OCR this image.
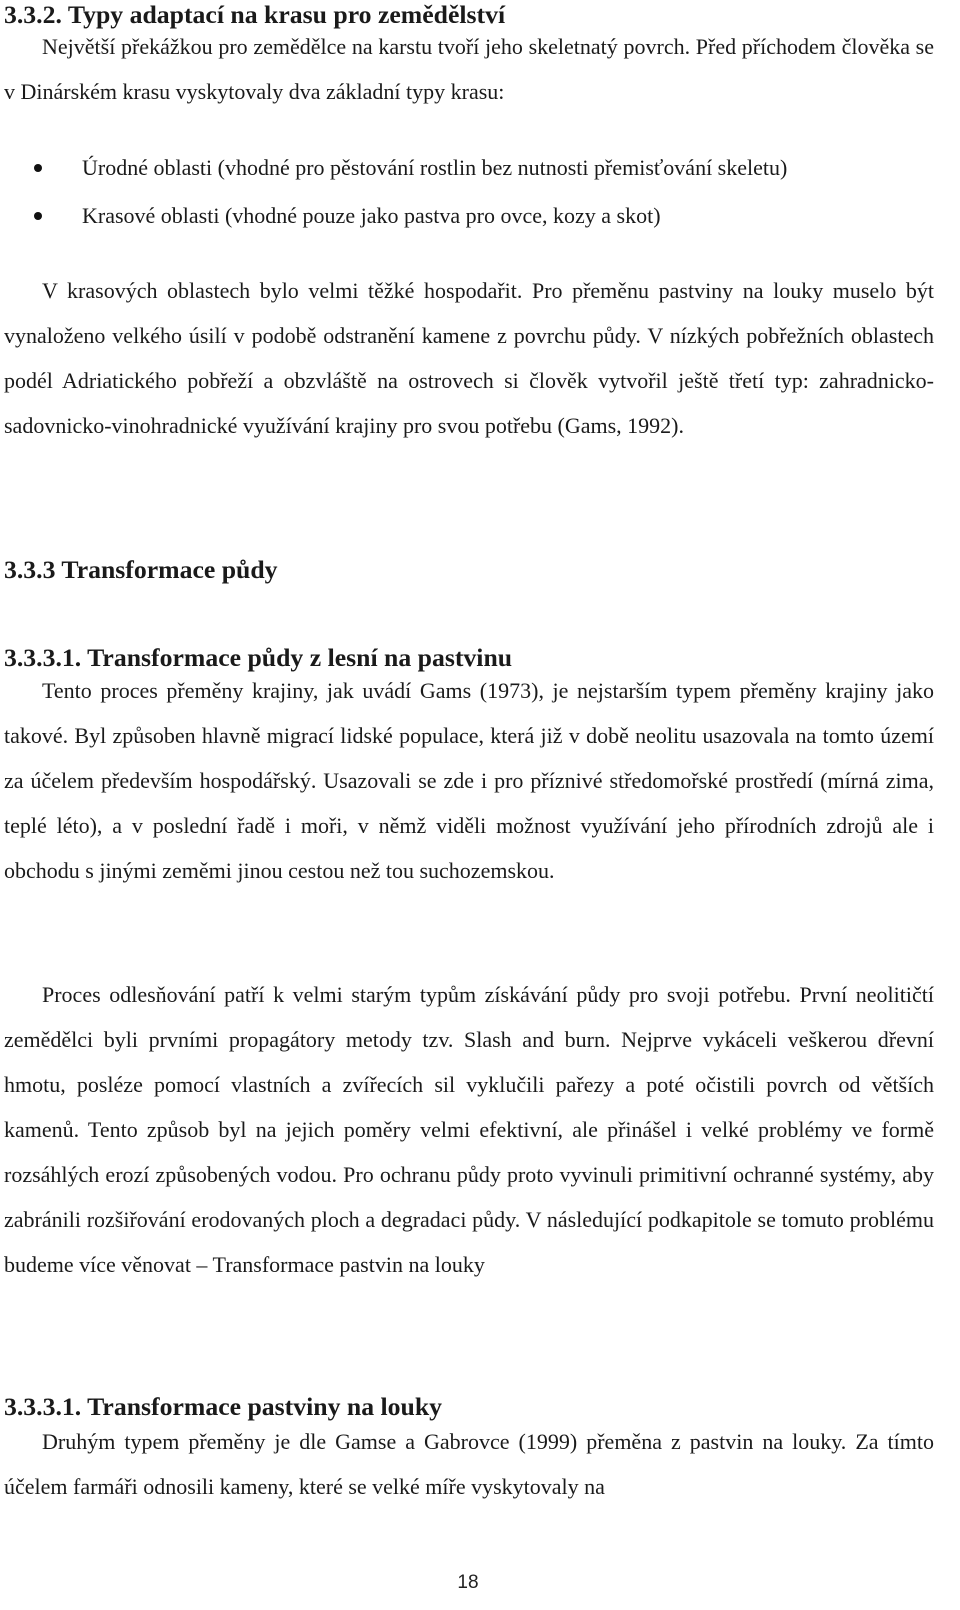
3.3.2. Typy adaptací na krasu pro zemědělství

Největší překážkou pro zemědělce na karstu tvoří jeho skeletnatý povrch. Před příchodem člověka se v Dinárském krasu vyskytovaly dva základní typy krasu:

Úrodné oblasti (vhodné pro pěstování rostlin bez nutnosti přemisťování skeletu)
Krasové oblasti (vhodné pouze jako pastva pro ovce, kozy a skot)

V krasových oblastech bylo velmi těžké hospodařit. Pro přeměnu pastviny na louky muselo být vynaloženo velkého úsilí v podobě odstranění kamene z povrchu půdy. V nízkých pobřežních oblastech podél Adriatického pobřeží a obzvláště na ostrovech si člověk vytvořil ještě třetí typ: zahradnicko-sadovnicko-vinohradnické využívání krajiny pro svou potřebu (Gams, 1992).

3.3.3 Transformace půdy
3.3.3.1. Transformace půdy z lesní na pastvinu

Tento proces přeměny krajiny, jak uvádí Gams (1973), je nejstarším typem přeměny krajiny jako takové. Byl způsoben hlavně migrací lidské populace, která již v době neolitu usazovala na tomto území za účelem především hospodářský. Usazovali se zde i pro příznivé středomořské prostředí (mírná zima, teplé léto), a v poslední řadě i moři, v němž viděli možnost využívání jeho přírodních zdrojů ale i obchodu s jinými zeměmi jinou cestou než tou suchozemskou.

Proces odlesňování patří k velmi starým typům získávání půdy pro svoji potřebu. První neolitičtí zemědělci byli prvními propagátory metody tzv. Slash and burn. Nejprve vykáceli veškerou dřevní hmotu, posléze pomocí vlastních a zvířecích sil vyklučili pařezy a poté očistili povrch od větších kamenů. Tento způsob byl na jejich poměry velmi efektivní, ale přinášel i velké problémy ve formě rozsáhlých erozí způsobených vodou. Pro ochranu půdy proto vyvinuli primitivní ochranné systémy, aby zabránili rozšiřování erodovaných ploch a degradaci půdy. V následující podkapitole se tomuto problému budeme více věnovat – Transformace pastvin na louky

3.3.3.1. Transformace pastviny na louky

Druhým typem přeměny je dle Gamse a Gabrovce (1999) přeměna z pastvin na louky. Za tímto účelem farmáři odnosili kameny, které se velké míře vyskytovaly na

18
